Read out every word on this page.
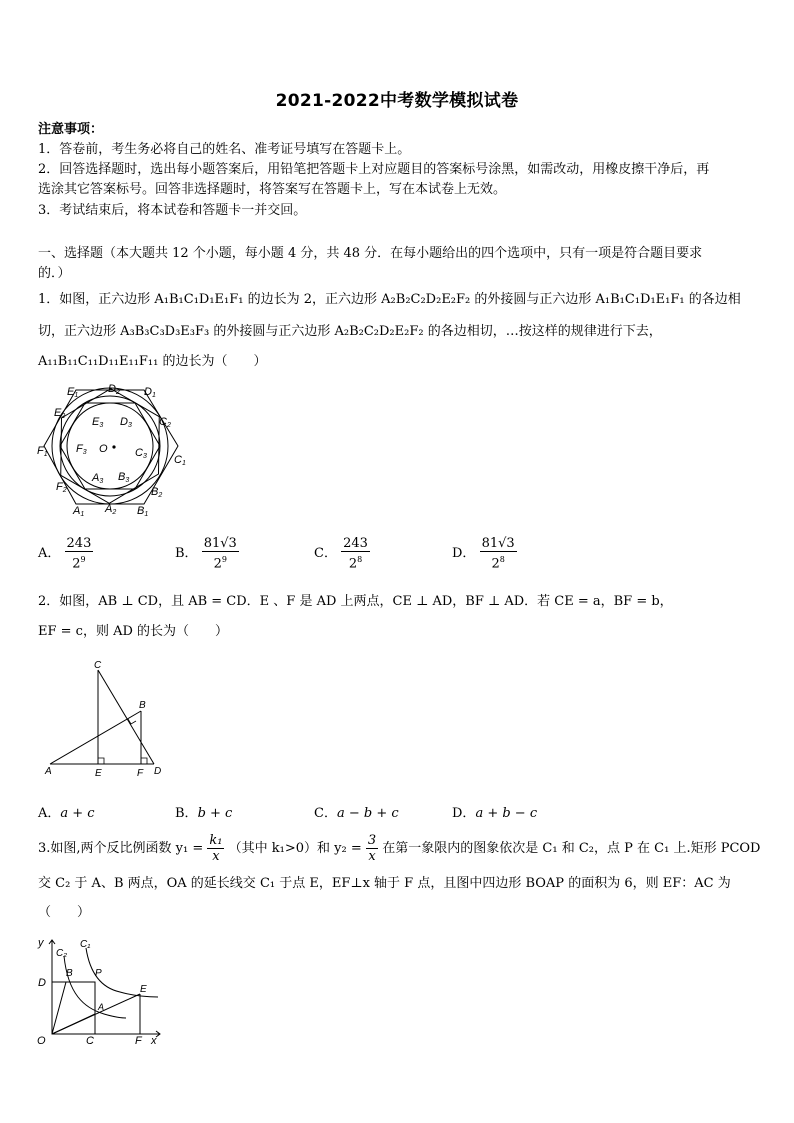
2021-2022中考数学模拟试卷
注意事项：
1．答卷前，考生务必将自己的姓名、准考证号填写在答题卡上。
2．回答选择题时，选出每小题答案后，用铅笔把答题卡上对应题目的答案标号涂黑，如需改动，用橡皮擦干净后，再
选涂其它答案标号。回答非选择题时，将答案写在答题卡上，写在本试卷上无效。
3．考试结束后，将本试卷和答题卡一并交回。
一、选择题（本大题共 12 个小题，每小题 4 分，共 48 分．在每小题给出的四个选项中，只有一项是符合题目要求
的．）
1．如图，正六边形 A₁B₁C₁D₁E₁F₁ 的边长为 2，正六边形 A₂B₂C₂D₂E₂F₂ 的外接圆与正六边形 A₁B₁C₁D₁E₁F₁ 的各边相
切，正六边形 A₃B₃C₃D₃E₃F₃ 的外接圆与正六边形 A₂B₂C₂D₂E₂F₂ 的各边相切，…按这样的规律进行下去，
A₁₁B₁₁C₁₁D₁₁E₁₁F₁₁ 的边长为（　　）
E1
D2 D1
E2 E3 D3 C2
F1	F3 O C3 C1
A3 B3
F2	B2
A1 A2 B1
A． $\frac{243}{2^9}$	B． $\frac{81√3}{2^9}$	C． $\frac{243}{2^8}$	D． $\frac{81√3}{2^8}$
2．如图，AB ⊥ CD，且 AB = CD．E 、F 是 AD 上两点，CE ⊥ AD，BF ⊥ AD．若 CE = a，BF = b，
EF = c，则 AD 的长为（　　）
C
B
A	E	F D
A．a + c	B．b + c	C．a − b + c	D．a + b − c
3.如图,两个反比例函数 $y_1 = \frac{\text{k₁}}{x}$ （其中 k₁>0）和 $y_2 = \frac{3}{x}$ 在第一象限内的图象依次是 C₁ 和 C₂，点 P 在 C₁ 上.矩形 PCOD
交 C₂ 于 A、B 两点，OA 的延长线交 C₁ 于点 E，EF⊥x 轴于 F 点，且图中四边形 BOAP 的面积为 6，则 EF：AC 为
（　　）
y
C₂
C₁
D
B P
E
A
O	C	F x
